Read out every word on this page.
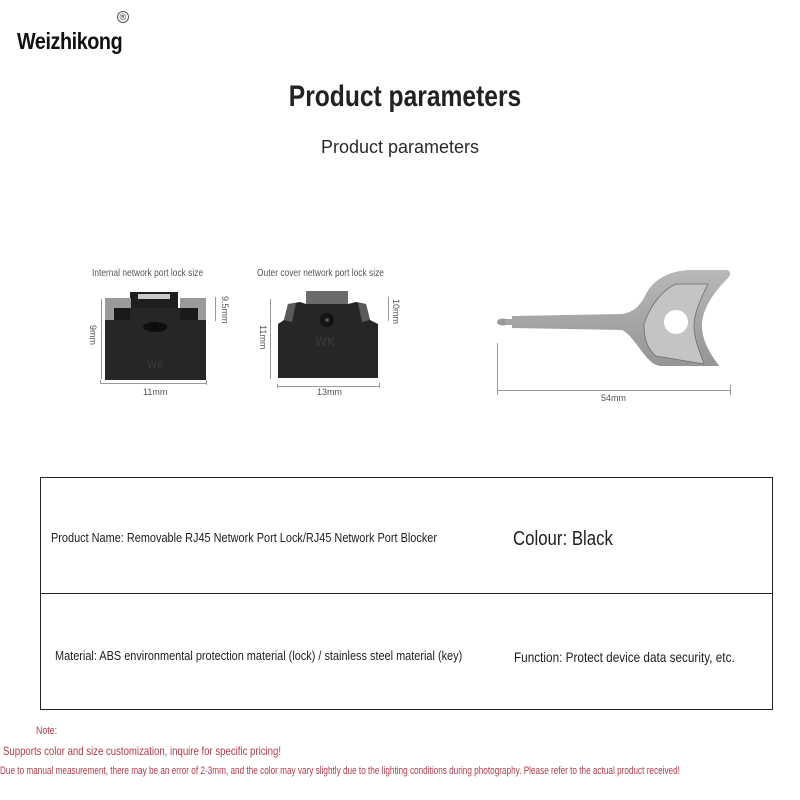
Weizhikong
®
Product parameters
Product parameters
Internal network port lock size
WK
11mm
9mm
9.5mm
Outer cover network port lock size
WK
13mm
11mm
10mm
54mm
Product Name: Removable RJ45 Network Port Lock/RJ45 Network Port Blocker	Colour: Black
Material: ABS environmental protection material (lock) / stainless steel material (key)	Function: Protect device data security, etc.
Note:
Supports color and size customization, inquire for specific pricing!
Due to manual measurement, there may be an error of 2-3mm, and the color may vary slightly due to the lighting conditions during photography. Please refer to the actual product received!
